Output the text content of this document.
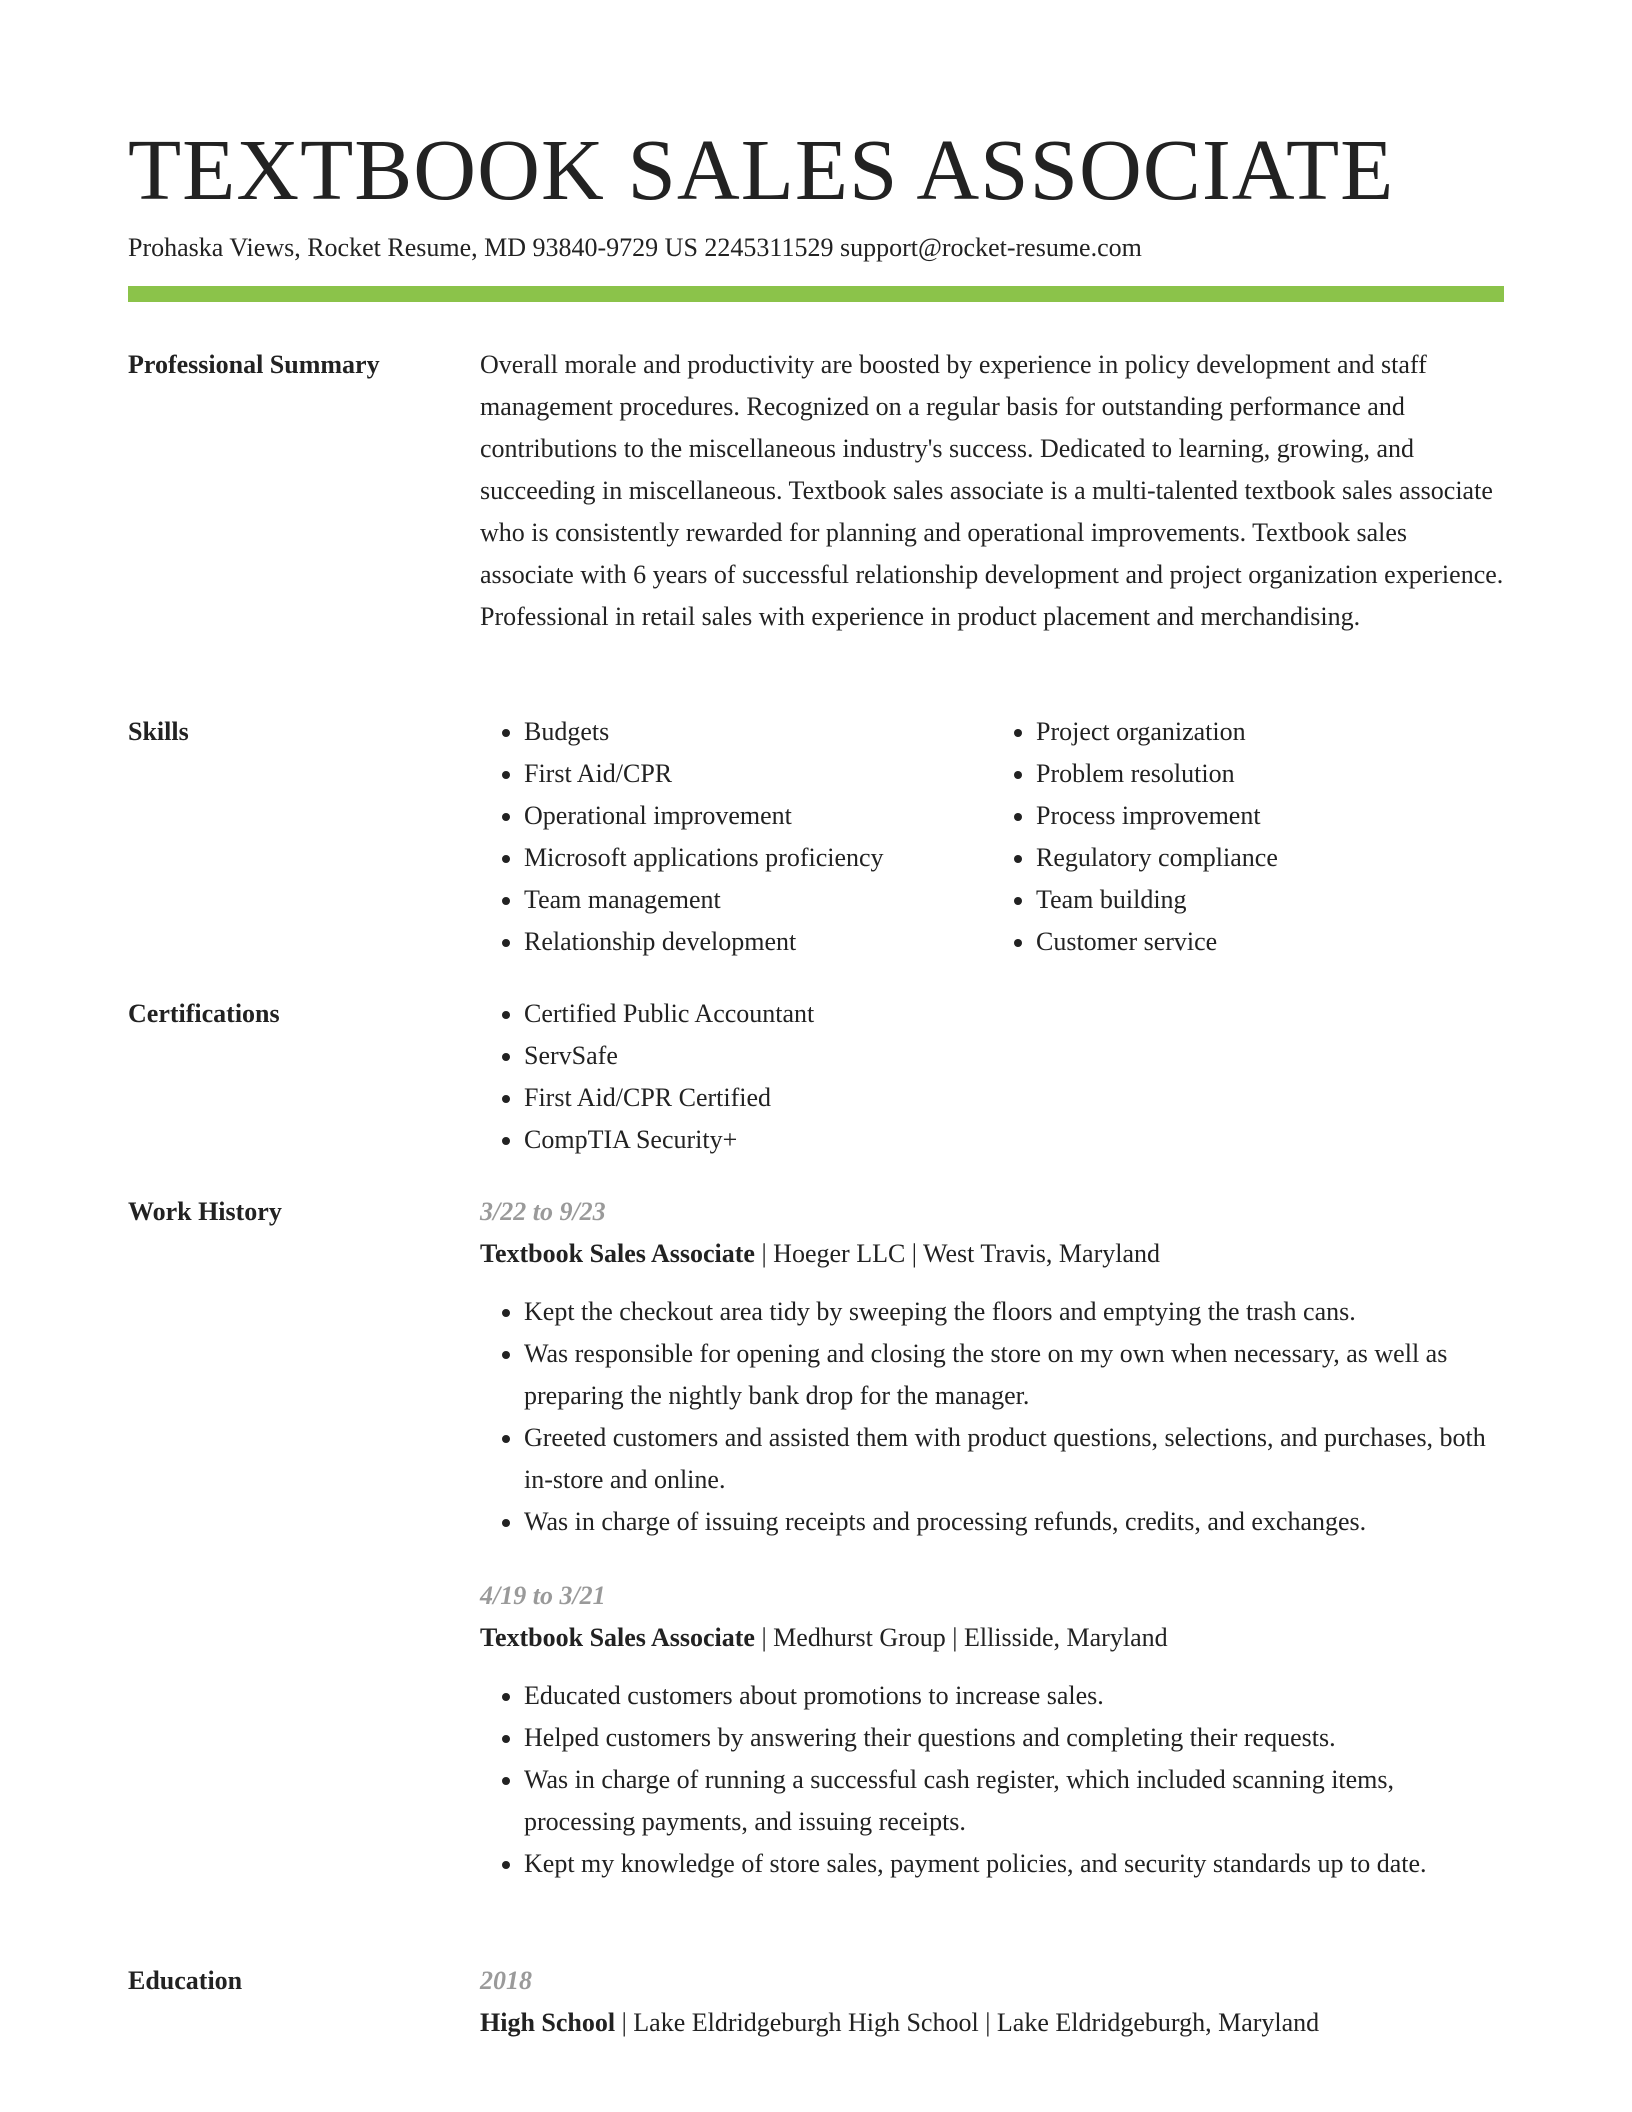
TEXTBOOK SALES ASSOCIATE
Prohaska Views, Rocket Resume, MD 93840-9729 US 2245311529 support@rocket-resume.com
Professional Summary	Overall morale and productivity are boosted by experience in policy development and staff management procedures. Recognized on a regular basis for outstanding performance and contributions to the miscellaneous industry's success. Dedicated to learning, growing, and succeeding in miscellaneous. Textbook sales associate is a multi-talented textbook sales associate who is consistently rewarded for planning and operational improvements. Textbook sales associate with 6 years of successful relationship development and project organization experience. Professional in retail sales with experience in product placement and merchandising.

Skills	• Budgets
• First Aid/CPR
• Operational improvement
• Microsoft applications proficiency
• Team management
• Relationship development
• Project organization
• Problem resolution
• Process improvement
• Regulatory compliance
• Team building
• Customer service
Certifications	• Certified Public Accountant
• ServSafe
• First Aid/CPR Certified
• CompTIA Security+
Work History	3/22 to 9/23
Textbook Sales Associate | Hoeger LLC | West Travis, Maryland
• Kept the checkout area tidy by sweeping the floors and emptying the trash cans.
• Was responsible for opening and closing the store on my own when necessary, as well as preparing the nightly bank drop for the manager.
• Greeted customers and assisted them with product questions, selections, and purchases, both in-store and online.
• Was in charge of issuing receipts and processing refunds, credits, and exchanges.
4/19 to 3/21
Textbook Sales Associate | Medhurst Group | Ellisside, Maryland
• Educated customers about promotions to increase sales.
• Helped customers by answering their questions and completing their requests.
• Was in charge of running a successful cash register, which included scanning items, processing payments, and issuing receipts.
• Kept my knowledge of store sales, payment policies, and security standards up to date.
Education	2018
High School | Lake Eldridgeburgh High School | Lake Eldridgeburgh, Maryland
